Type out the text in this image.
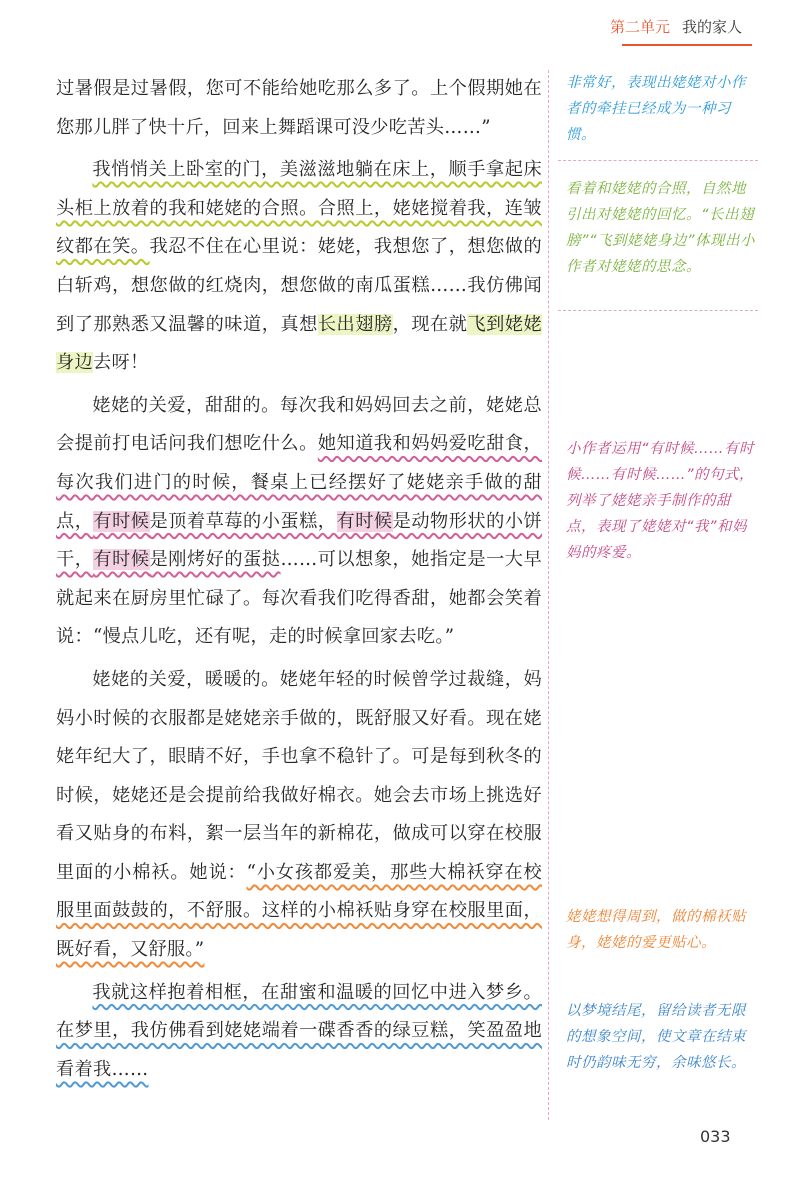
第二单元 我的家人

过暑假是过暑假，您可不能给她吃那么多了。上个假期她在您那儿胖了快十斤，回来上舞蹈课可没少吃苦头……”

我悄悄关上卧室的门，美滋滋地躺在床上，顺手拿起床头柜上放着的我和姥姥的合照。合照上，姥姥搅着我，连皱纹都在笑。我忍不住在心里说：姥姥，我想您了，想您做的白斩鸡，想您做的红烧肉，想您做的南瓜蛋糕……我仿佛闻到了那熟悉又温馨的味道，真想长出翅膀，现在就飞到姥姥身边去呀！

姥姥的关爱，甜甜的。每次我和妈妈回去之前，姥姥总会提前打电话问我们想吃什么。她知道我和妈妈爱吃甜食，每次我们进门的时候，餐桌上已经摆好了姥姥亲手做的甜点，有时候是顶着草莓的小蛋糕，有时候是动物形状的小饼干，有时候是刚烤好的蛋挞……可以想象，她指定是一大早就起来在厨房里忙碌了。每次看我们吃得香甜，她都会笑着说：“慢点儿吃，还有呢，走的时候拿回家去吃。”

姥姥的关爱，暖暖的。姥姥年轻的时候曾学过裁缝，妈妈小时候的衣服都是姥姥亲手做的，既舒服又好看。现在姥姥年纪大了，眼睛不好，手也拿不稳针了。可是每到秋冬的时候，姥姥还是会提前给我做好棉衣。她会去市场上挑选好看又贴身的布料，絮一层当年的新棉花，做成可以穿在校服里面的小棉袄。她说：“小女孩都爱美，那些大棉袄穿在校服里面鼓鼓的，不舒服。这样的小棉袄贴身穿在校服里面，既好看，又舒服。”

我就这样抱着相框，在甜蜜和温暖的回忆中进入梦乡。在梦里，我仿佛看到姥姥端着一碟香香的绿豆糕，笑盈盈地看着我……

非常好，表现出姥姥对小作者的牵挂已经成为一种习惯。
看着和姥姥的合照，自然地引出对姥姥的回忆。“长出翅膀”“飞到姥姥身边”体现出小作者对姥姥的思念。
小作者运用“有时候……有时候……有时候……”的句式，列举了姥姥亲手制作的甜点，表现了姥姥对“我”和妈妈的疼爱。
姥姥想得周到，做的棉袄贴身，姥姥的爱更贴心。
以梦境结尾，留给读者无限的想象空间，使文章在结束时仍韵味无穷，余味悠长。
033
